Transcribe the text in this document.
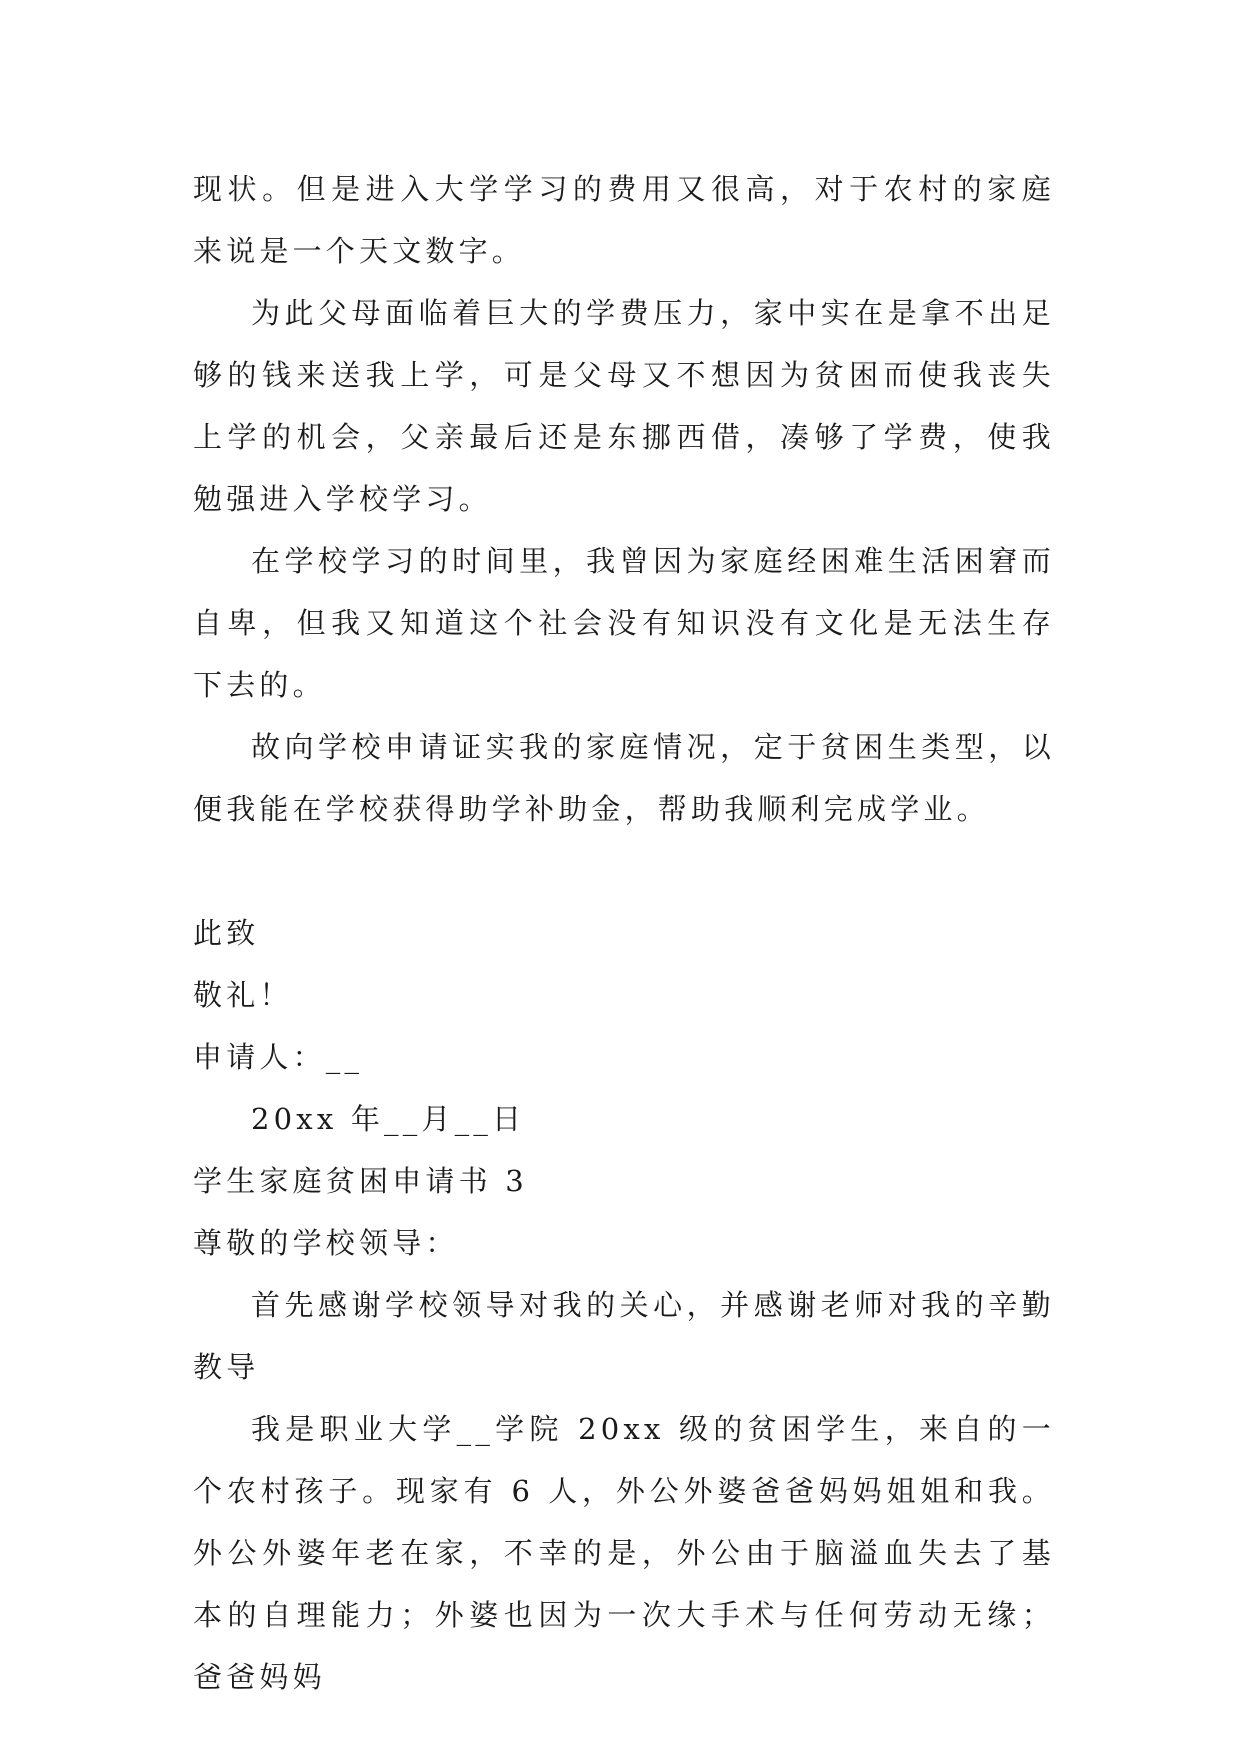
现状。但是进入大学学习的费用又很高，对于农村的家庭来说是一个天文数字。

为此父母面临着巨大的学费压力，家中实在是拿不出足够的钱来送我上学，可是父母又不想因为贫困而使我丧失上学的机会，父亲最后还是东挪西借，凑够了学费，使我勉强进入学校学习。

在学校学习的时间里，我曾因为家庭经困难生活困窘而自卑，但我又知道这个社会没有知识没有文化是无法生存下去的。

故向学校申请证实我的家庭情况，定于贫困生类型，以便我能在学校获得助学补助金，帮助我顺利完成学业。

此致

敬礼！

申请人：__

20xx 年__月__日

学生家庭贫困申请书 3

尊敬的学校领导：

首先感谢学校领导对我的关心，并感谢老师对我的辛勤教导

我是职业大学__学院 20xx 级的贫困学生，来自的一个农村孩子。现家有 6 人，外公外婆爸爸妈妈姐姐和我。外公外婆年老在家，不幸的是，外公由于脑溢血失去了基本的自理能力；外婆也因为一次大手术与任何劳动无缘；爸爸妈妈
